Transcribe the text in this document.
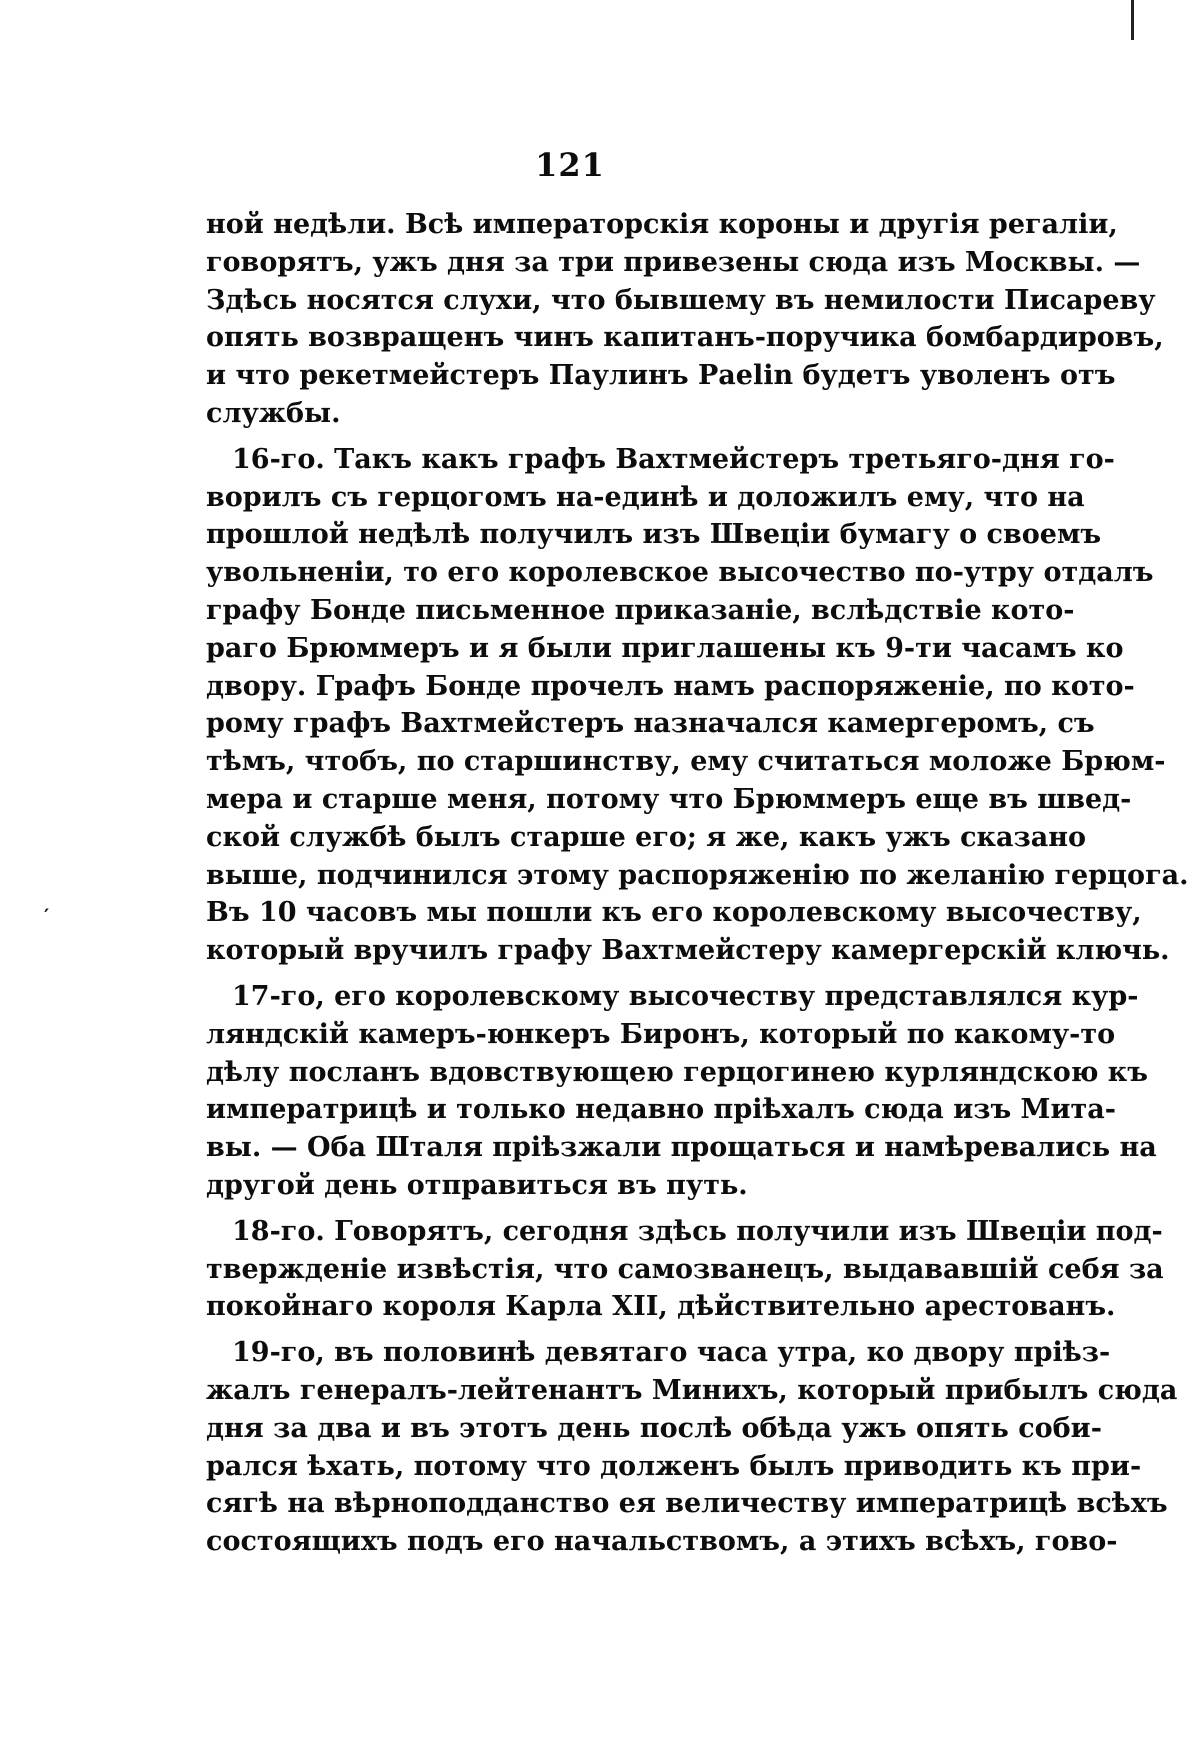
′
121
ной недѣли. Всѣ императорскія короны и другія регаліи,
говорятъ, ужъ дня за три привезены сюда изъ Москвы. —
Здѣсь носятся слухи, что бывшему въ немилости Писареву
опять возвращенъ чинъ капитанъ-поручика бомбардировъ,
и что рекетмейстеръ Паулинъ Раеlin будетъ уволенъ отъ
службы.
16-го. Такъ какъ графъ Вахтмейстеръ третьяго-дня го-
ворилъ съ герцогомъ на-единѣ и доложилъ ему, что на
прошлой недѣлѣ получилъ изъ Швеціи бумагу о своемъ
увольненіи, то его королевское высочество по-утру отдалъ
графу Бонде письменное приказаніе, вслѣдствіе кото-
раго Брюммеръ и я были приглашены къ 9-ти часамъ ко
двору. Графъ Бонде прочелъ намъ распоряженіе, по кото-
рому графъ Вахтмейстеръ назначался камергеромъ, съ
тѣмъ, чтобъ, по старшинству, ему считаться моложе Брюм-
мера и старше меня, потому что Брюммеръ еще въ швед-
ской службѣ былъ старше его; я же, какъ ужъ сказано
выше, подчинился этому распоряженію по желанію герцога.
Въ 10 часовъ мы пошли къ его королевскому высочеству,
который вручилъ графу Вахтмейстеру камергерскій ключь.
17-го, его королевскому высочеству представлялся кур-
ляндскій камеръ-юнкеръ Биронъ, который по какому-то
дѣлу посланъ вдовствующею герцогинею курляндскою къ
императрицѣ и только недавно пріѣхалъ сюда изъ Мита-
вы. — Оба Шталя пріѣзжали прощаться и намѣревались на
другой день отправиться въ путь.
18-го. Говорятъ, сегодня здѣсь получили изъ Швеціи под-
твержденіе извѣстія, что самозванецъ, выдававшій себя за
покойнаго короля Карла XII, дѣйствительно арестованъ.
19-го, въ половинѣ девятаго часа утра, ко двору пріѣз-
жалъ генералъ-лейтенантъ Минихъ, который прибылъ сюда
дня за два и въ этотъ день послѣ обѣда ужъ опять соби-
рался ѣхать, потому что долженъ былъ приводить къ при-
сягѣ на вѣрноподданство ея величеству императрицѣ всѣхъ
состоящихъ подъ его начальствомъ, а этихъ всѣхъ, гово-
